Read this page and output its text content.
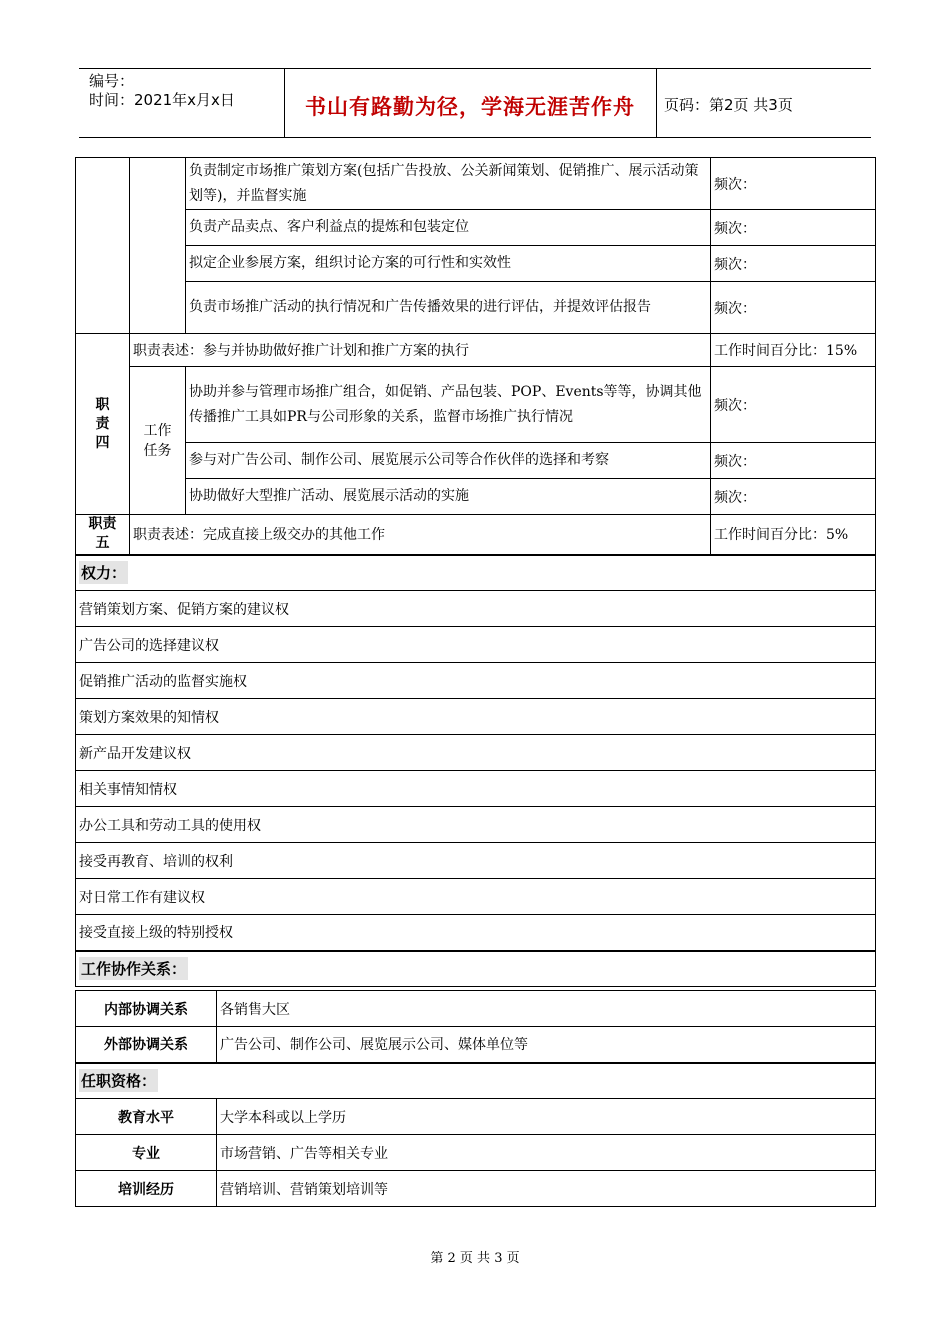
编号：
时间：2021年x月x日	书山有路勤为径，学海无涯苦作舟	页码：第2页 共3页
		负责制定市场推广策划方案(包括广告投放、公关新闻策划、促销推广、展示活动策划等)，并监督实施	频次：
		负责产品卖点、客户利益点的提炼和包装定位	频次：
		拟定企业参展方案，组织讨论方案的可行性和实效性	频次：
		负责市场推广活动的执行情况和广告传播效果的进行评估，并提效评估报告	频次：
职责四	职责表述：参与并协助做好推广计划和推广方案的执行		工作时间百分比：15%
	工作任务	协助并参与管理市场推广组合，如促销、产品包装、POP、Events等等，协调其他传播推广工具如PR与公司形象的关系，监督市场推广执行情况	频次：
		参与对广告公司、制作公司、展览展示公司等合作伙伴的选择和考察	频次：
		协助做好大型推广活动、展览展示活动的实施	频次：
职责五	职责表述：完成直接上级交办的其他工作		工作时间百分比：5%
权力：			
营销策划方案、促销方案的建议权			
广告公司的选择建议权			
促销推广活动的监督实施权			
策划方案效果的知情权			
新产品开发建议权			
相关事情知情权			
办公工具和劳动工具的使用权			
接受再教育、培训的权利			
对日常工作有建议权			
接受直接上级的特别授权			
工作协作关系：			
内部协调关系	各销售大区
外部协调关系	广告公司、制作公司、展览展示公司、媒体单位等
任职资格：	
教育水平	大学本科或以上学历
专业	市场营销、广告等相关专业
培训经历	营销培训、营销策划培训等
第 2 页 共 3 页
